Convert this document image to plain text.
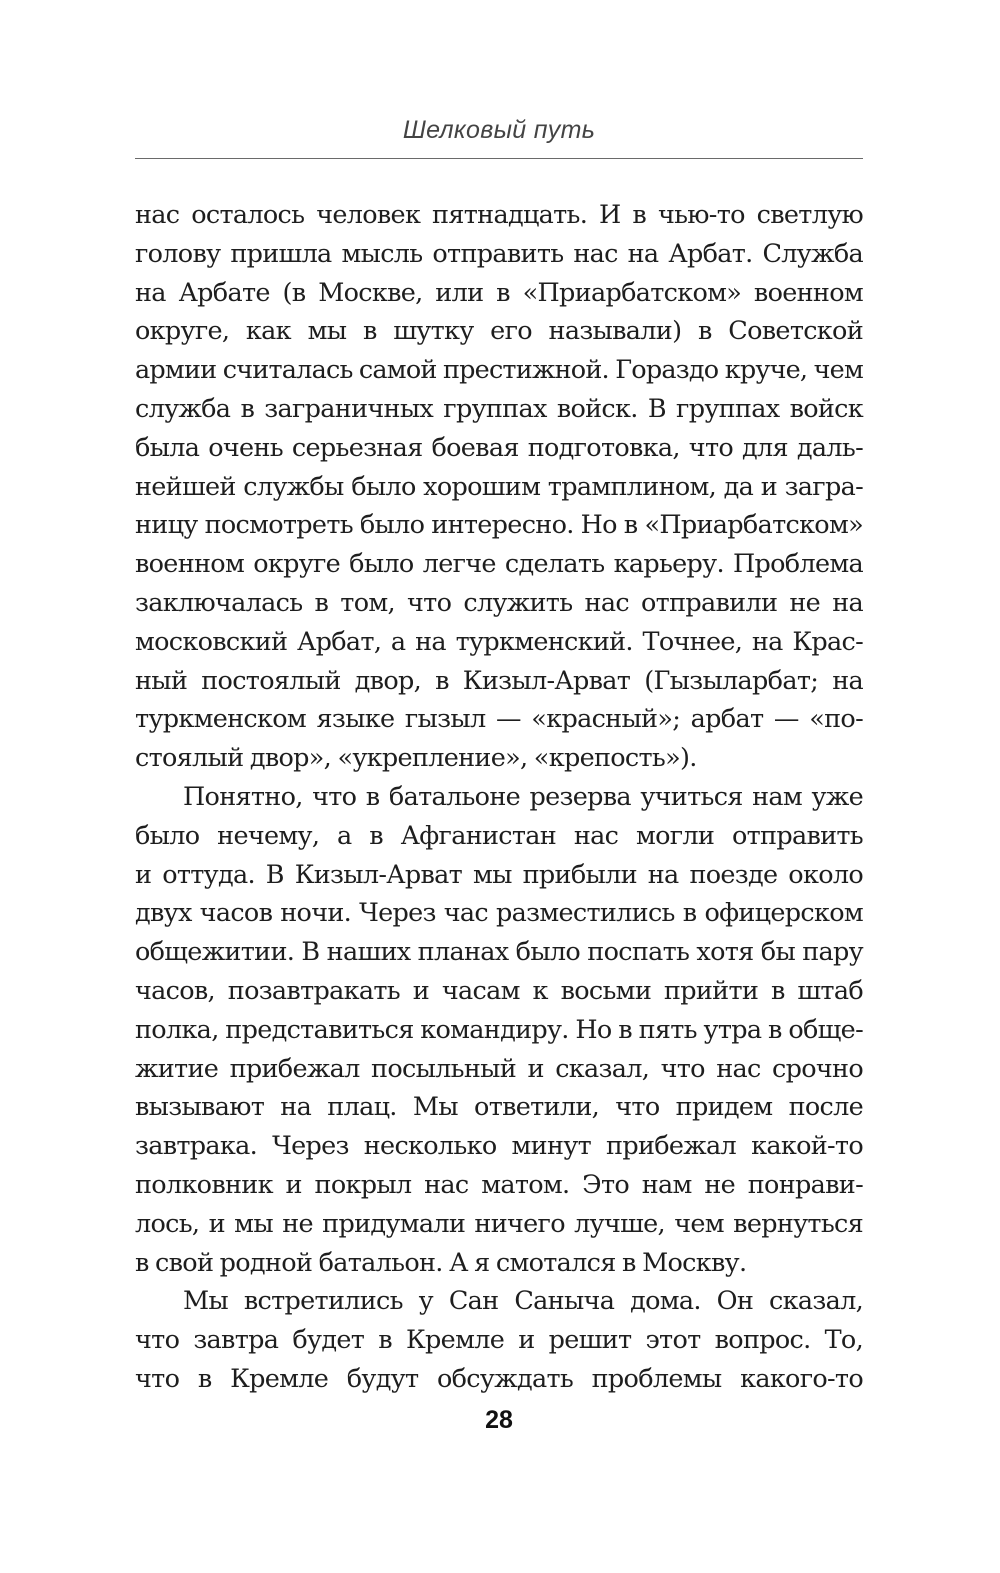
Шелковый путь
нас осталось человек пятнадцать. И в чью-то светлую
голову пришла мысль отправить нас на Арбат. Служба
на Арбате (в Москве, или в «Приарбатском» военном
округе, как мы в шутку его называли) в Советской
армии считалась самой престижной. Гораздо круче, чем
служба в заграничных группах войск. В группах войск
была очень серьезная боевая подготовка, что для даль-
нейшей службы было хорошим трамплином, да и загра-
ницу посмотреть было интересно. Но в «Приарбатском»
военном округе было легче сделать карьеру. Проблема
заключалась в том, что служить нас отправили не на
московский Арбат, а на туркменский. Точнее, на Крас-
ный постоялый двор, в Кизыл-Арват (Гызыларбат; на
туркменском языке гызыл — «красный»; арбат — «по-
стоялый двор», «укрепление», «крепость»).
Понятно, что в батальоне резерва учиться нам уже
было нечему, а в Афганистан нас могли отправить
и оттуда. В Кизыл-Арват мы прибыли на поезде около
двух часов ночи. Через час разместились в офицерском
общежитии. В наших планах было поспать хотя бы пару
часов, позавтракать и часам к восьми прийти в штаб
полка, представиться командиру. Но в пять утра в обще-
житие прибежал посыльный и сказал, что нас срочно
вызывают на плац. Мы ответили, что придем после
завтрака. Через несколько минут прибежал какой-то
полковник и покрыл нас матом. Это нам не понрави-
лось, и мы не придумали ничего лучше, чем вернуться
в свой родной батальон. А я смотался в Москву.
Мы встретились у Сан Саныча дома. Он сказал,
что завтра будет в Кремле и решит этот вопрос. То,
что в Кремле будут обсуждать проблемы какого-то
28
